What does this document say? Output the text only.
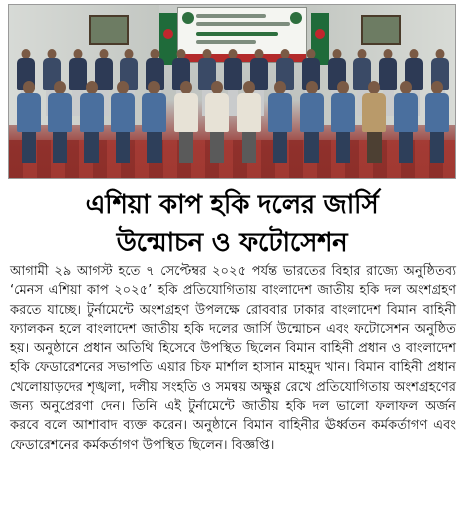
এশিয়া কাপ হকি দলের জার্সি
উন্মোচন ও ফটোসেশন

আগামী ২৯ আগস্ট হতে ৭ সেপ্টেম্বর ২০২৫ পর্যন্ত ভারতের বিহার রাজ্যে অনুষ্ঠিতব্য ‘মেনস এশিয়া কাপ ২০২৫’ হকি প্রতিযোগিতায় বাংলাদেশ জাতীয় হকি দল অংশগ্রহণ করতে যাচ্ছে। টুর্নামেন্টে অংশগ্রহণ উপলক্ষে রোববার ঢাকার বাংলাদেশ বিমান বাহিনী ফ্যালকন হলে বাংলাদেশ জাতীয় হকি দলের জার্সি উন্মোচন এবং ফটোসেশন অনুষ্ঠিত হয়। অনুষ্ঠানে প্রধান অতিথি হিসেবে উপস্থিত ছিলেন বিমান বাহিনী প্রধান ও বাংলাদেশ হকি ফেডারেশনের সভাপতি এয়ার চিফ মার্শাল হাসান মাহমুদ খান। বিমান বাহিনী প্রধান খেলোয়াড়দের শৃঙ্খলা, দলীয় সংহতি ও সমন্বয় অক্ষুণ্ণ রেখে প্রতিযোগিতায় অংশগ্রহণের জন্য অনুপ্রেরণা দেন। তিনি এই টুর্নামেন্টে জাতীয় হকি দল ভালো ফলাফল অর্জন করবে বলে আশাবাদ ব্যক্ত করেন। অনুষ্ঠানে বিমান বাহিনীর ঊর্ধ্বতন কর্মকর্তাগণ এবং ফেডারেশনের কর্মকর্তাগণ উপস্থিত ছিলেন। বিজ্ঞপ্তি।
